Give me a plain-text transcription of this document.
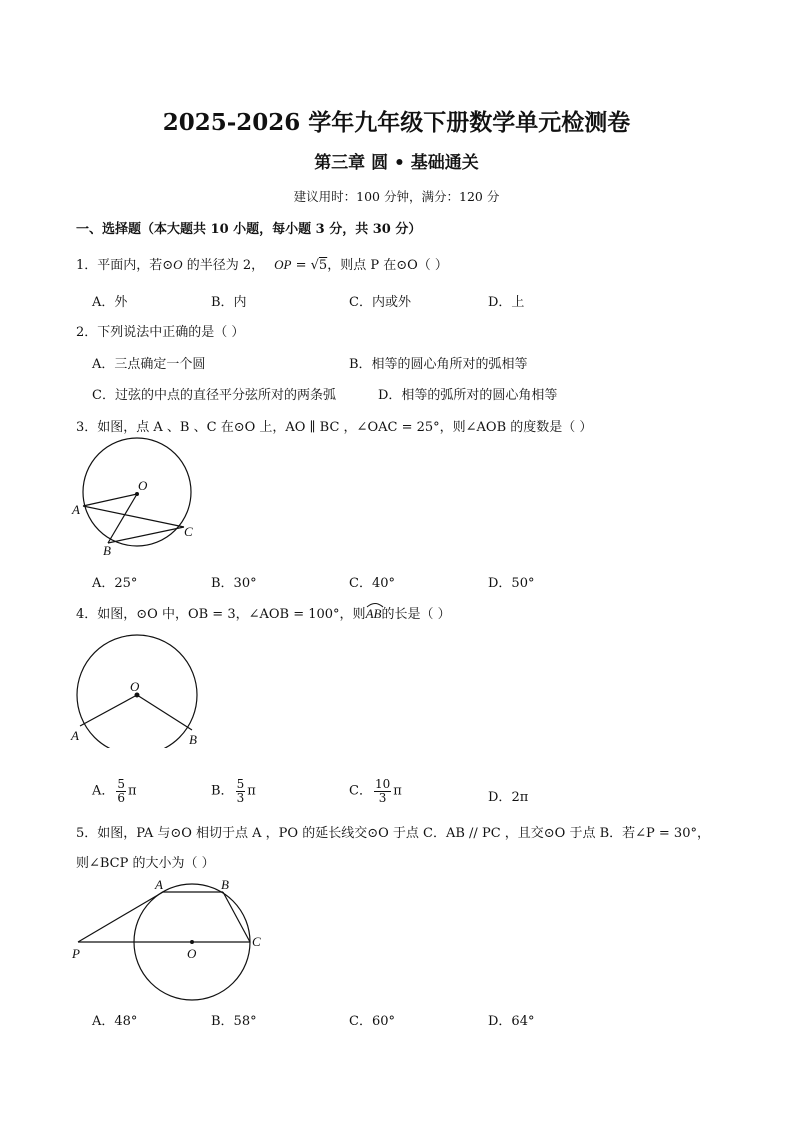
2025-2026 学年九年级下册数学单元检测卷
第三章 圆 • 基础通关
建议用时：100 分钟，满分：120 分
一、选择题（本大题共 10 小题，每小题 3 分，共 30 分）
1．平面内，若⊙O 的半径为 2， OP = √5，则点 P 在⊙O（ ）
A．外	B．内	C．内或外	D．上
2．下列说法中正确的是（ ）
A．三点确定一个圆	B．相等的圆心角所对的弧相等
C．过弦的中点的直径平分弦所对的两条弧	D．相等的弧所对的圆心角相等
3．如图，点 A 、B 、C 在⊙O 上，AO ∥ BC ，∠OAC = 25°，则∠AOB 的度数是（ ）
O
A
B
C
A．25°	B．30°	C．40°	D．50°
4．如图，⊙O 中，OB = 3，∠AOB = 100°，则
AB的长是（ ）
O
A	B
A． $\frac{5}{6}$ π	B． $\frac{5}{3}$ π	C． $\frac{10}{3}$ π	D．2π
5．如图，PA 与⊙O 相切于点 A ，PO 的延长线交⊙O 于点 C．AB // PC ，且交⊙O 于点 B．若∠P = 30°，
则∠BCP 的大小为（ ）
A	B
P	O
C
A．48°	B．58°	C．60°	D．64°
